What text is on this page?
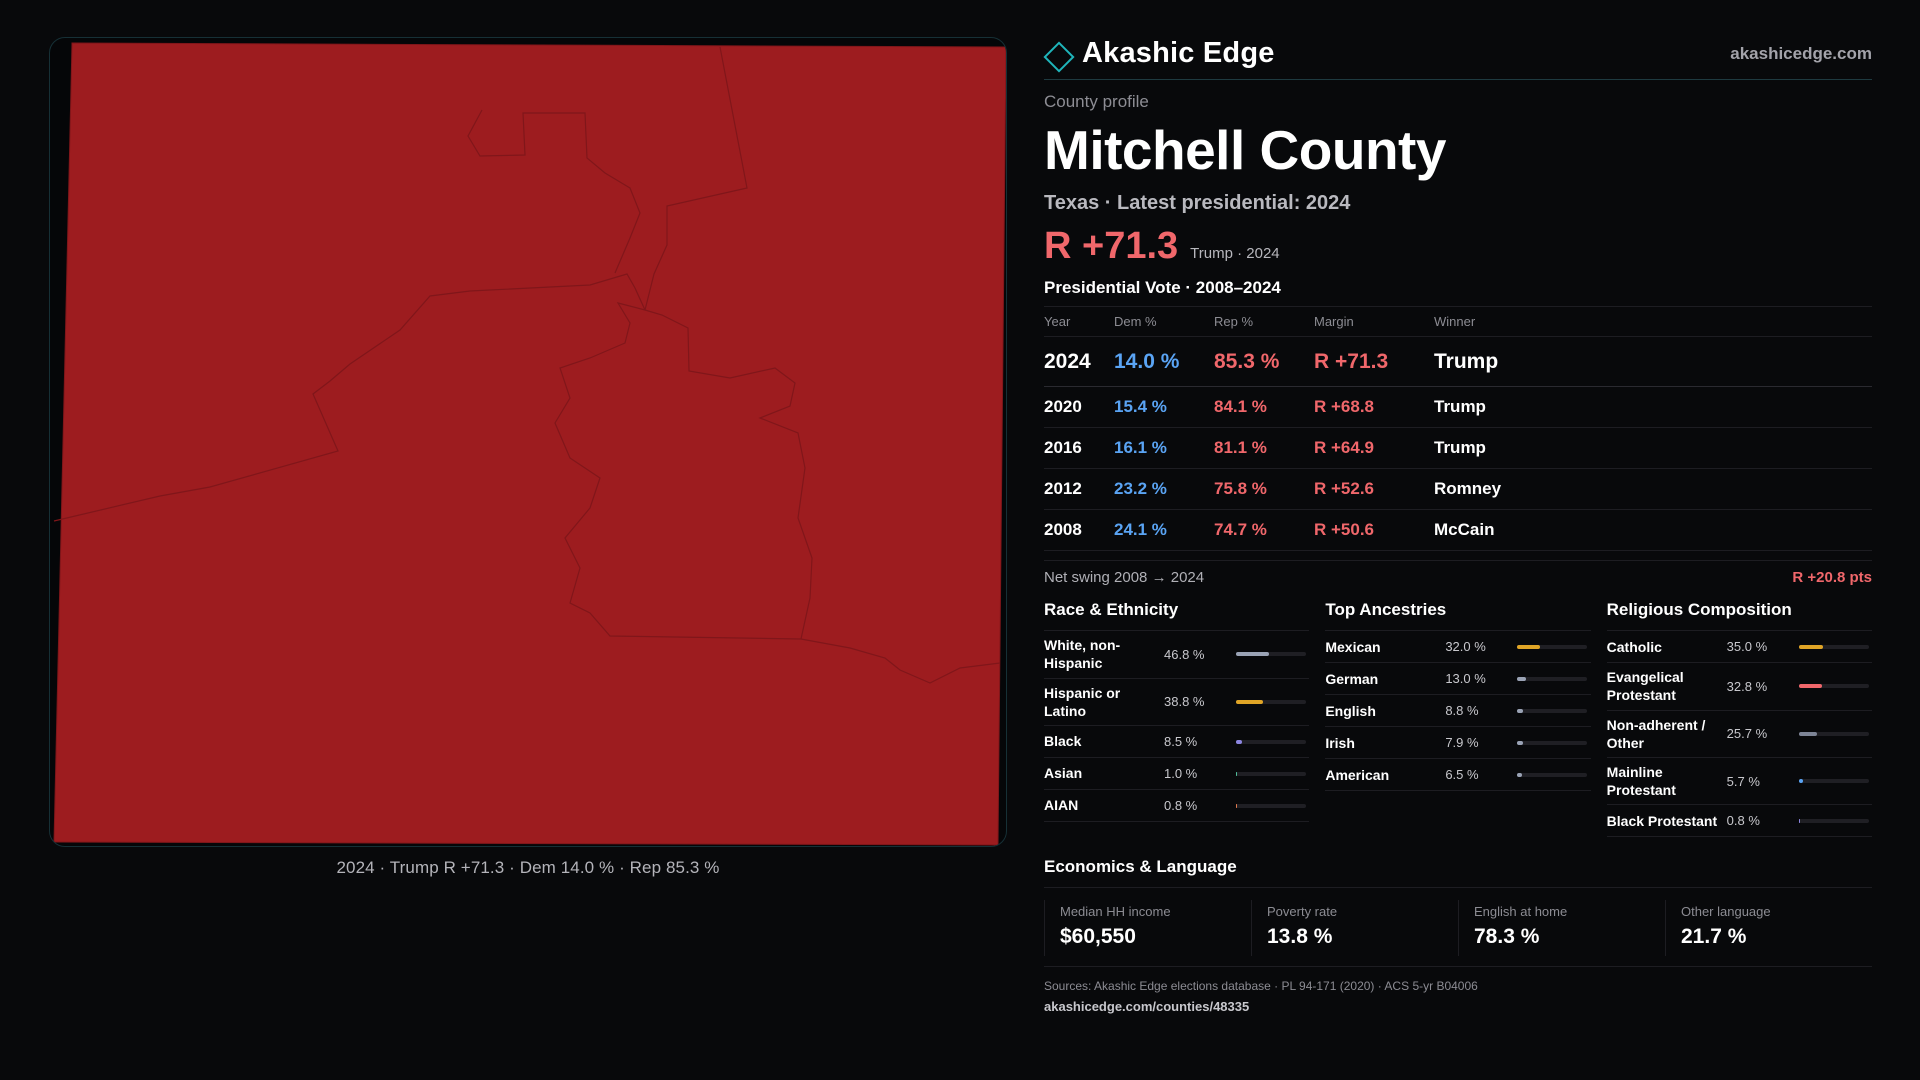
2024 · Trump R +71.3 · Dem 14.0 % · Rep 85.3 %
Akashic Edge	akashicedge.com
County profile
Mitchell County
Texas · Latest presidential: 2024
R +71.3 Trump · 2024
Presidential Vote · 2008–2024
Year	Dem %	Rep %	Margin	Winner
2024	14.0 %	85.3 %	R +71.3	Trump
2020	15.4 %	84.1 %	R +68.8	Trump
2016	16.1 %	81.1 %	R +64.9	Trump
2012	23.2 %	75.8 %	R +52.6	Romney
2008	24.1 %	74.7 %	R +50.6	McCain
Net swing 2008 → 2024	R +20.8 pts
Race & Ethnicity
White, non-Hispanic
46.8 %
Hispanic or Latino
38.8 %
Black	8.5 %
Asian	1.0 %
AIAN	0.8 %
Top Ancestries
Mexican	32.0 %
German	13.0 %
English	8.8 %
Irish	7.9 %
American	6.5 %
Religious Composition
Catholic	35.0 %
Evangelical Protestant
32.8 %
Non-adherent / Other
25.7 %
Mainline Protestant
5.7 %
Black Protestant 0.8 %
Economics & Language
Median HH income
$60,550
Poverty rate
13.8 %
English at home
78.3 %
Other language
21.7 %
Sources: Akashic Edge elections database · PL 94-171 (2020) · ACS 5-yr B04006
akashicedge.com/counties/48335
